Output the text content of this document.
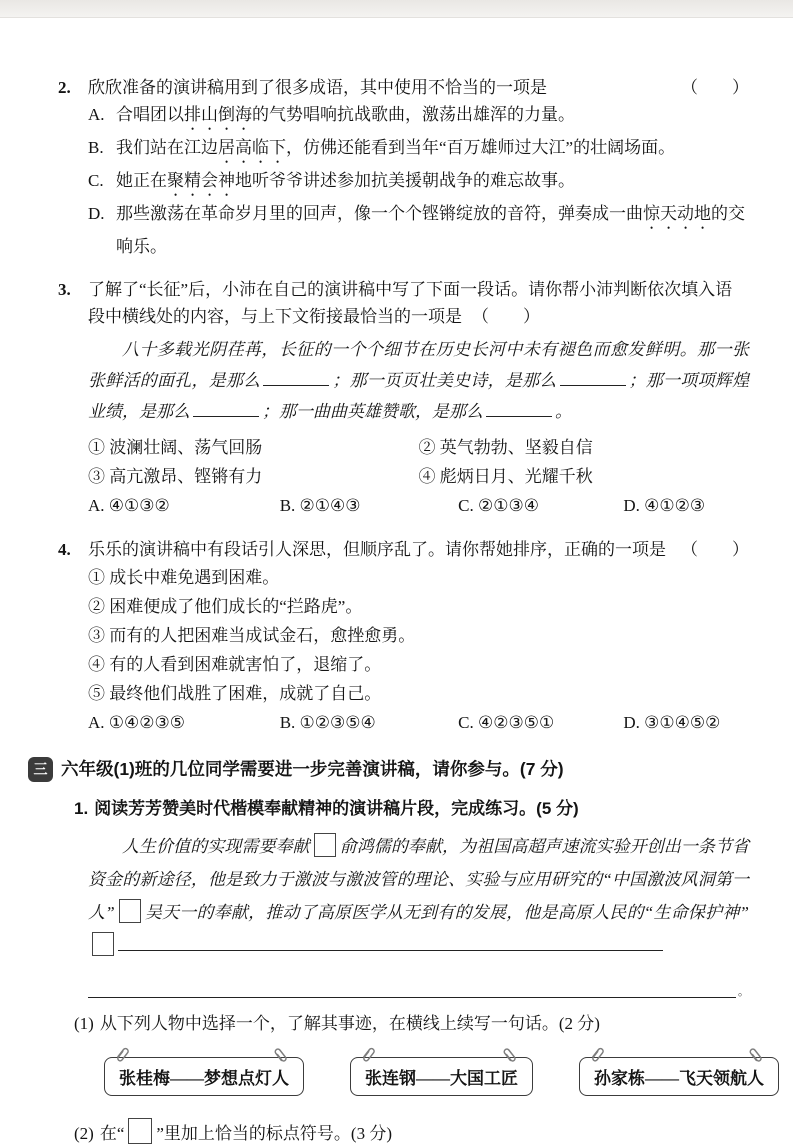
2. 欣欣准备的演讲稿用到了很多成语，其中使用不恰当的一项是	（　　）
A. 合唱团以排山倒海的气势唱响抗战歌曲，激荡出雄浑的力量。
B. 我们站在江边居高临下，仿佛还能看到当年“百万雄师过大江”的壮阔场面。
C. 她正在聚精会神地听爷爷讲述参加抗美援朝战争的难忘故事。
D. 那些激荡在革命岁月里的回声，像一个个铿锵绽放的音符，弹奏成一曲惊天动地的交响乐。
3. 了解了“长征”后，小沛在自己的演讲稿中写了下面一段话。请你帮小沛判断依次填入语段中横线处的内容，与上下文衔接最恰当的一项是 （　　）

八十多载光阴荏苒，长征的一个个细节在历史长河中未有褪色而愈发鲜明。那一张张鲜活的面孔，是那么	；那一页页壮美史诗，是那么	；那一项项辉煌业绩，是那么	；那一曲曲英雄赞歌，是那么	。

① 波澜壮阔、荡气回肠	② 英气勃勃、坚毅自信
③ 高亢激昂、铿锵有力	④ 彪炳日月、光耀千秋
A. ④①③②	B. ②①④③	C. ②①③④	D. ④①②③
4. 乐乐的演讲稿中有段话引人深思，但顺序乱了。请你帮她排序，正确的一项是 （　　）
① 成长中难免遇到困难。
② 困难便成了他们成长的“拦路虎”。
③ 而有的人把困难当成试金石，愈挫愈勇。
④ 有的人看到困难就害怕了，退缩了。
⑤ 最终他们战胜了困难，成就了自己。
A. ①④②③⑤	B. ①②③⑤④	C. ④②③⑤①	D. ③①④⑤②
三 六年级(1)班的几位同学需要进一步完善演讲稿，请你参与。(7 分)
1. 阅读芳芳赞美时代楷模奉献精神的演讲稿片段，完成练习。(5 分)

人生价值的实现需要奉献 俞鸿儒的奉献，为祖国高超声速流实验开创出一条节省资金的新途径，他是致力于激波与激波管的理论、实验与应用研究的“中国激波风洞第一人” 吴天一的奉献，推动了高原医学从无到有的发展，他是高原人民的“生命保护神”

。
(1) 从下列人物中选择一个，了解其事迹，在横线上续写一句话。(2 分)
张桂梅——梦想点灯人	张连钢——大国工匠	孙家栋——飞天领航人
(2) 在“ ”里加上恰当的标点符号。(3 分)
